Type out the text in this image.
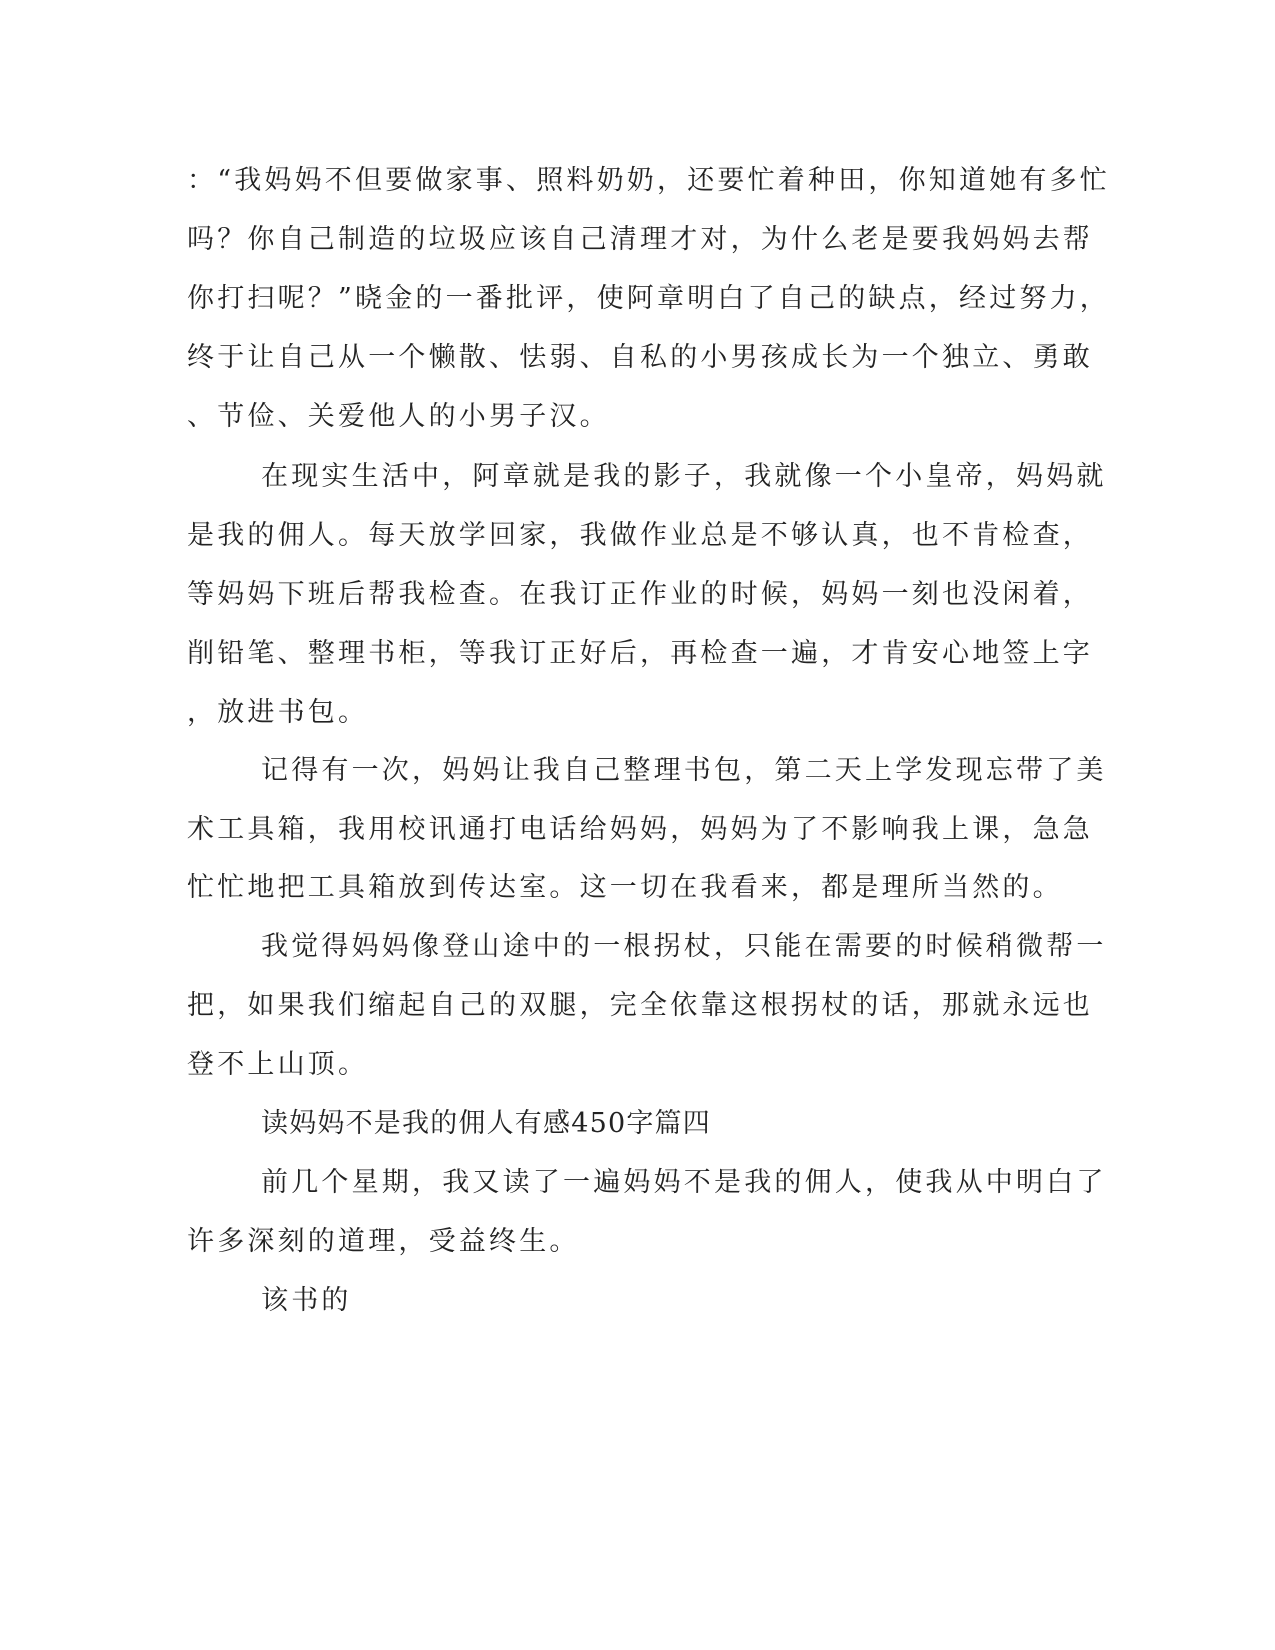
：“我妈妈不但要做家事、照料奶奶，还要忙着种田，你知道她有多忙
吗？你自己制造的垃圾应该自己清理才对，为什么老是要我妈妈去帮
你打扫呢？”晓金的一番批评，使阿章明白了自己的缺点，经过努力，
终于让自己从一个懒散、怯弱、自私的小男孩成长为一个独立、勇敢
、节俭、关爱他人的小男子汉。
在现实生活中，阿章就是我的影子，我就像一个小皇帝，妈妈就
是我的佣人。每天放学回家，我做作业总是不够认真，也不肯检查，
等妈妈下班后帮我检查。在我订正作业的时候，妈妈一刻也没闲着，
削铅笔、整理书柜，等我订正好后，再检查一遍，才肯安心地签上字
，放进书包。
记得有一次，妈妈让我自己整理书包，第二天上学发现忘带了美
术工具箱，我用校讯通打电话给妈妈，妈妈为了不影响我上课，急急
忙忙地把工具箱放到传达室。这一切在我看来，都是理所当然的。
我觉得妈妈像登山途中的一根拐杖，只能在需要的时候稍微帮一
把，如果我们缩起自己的双腿，完全依靠这根拐杖的话，那就永远也
登不上山顶。
读妈妈不是我的佣人有感450字篇四
前几个星期，我又读了一遍妈妈不是我的佣人，使我从中明白了
许多深刻的道理，受益终生。
该书的
